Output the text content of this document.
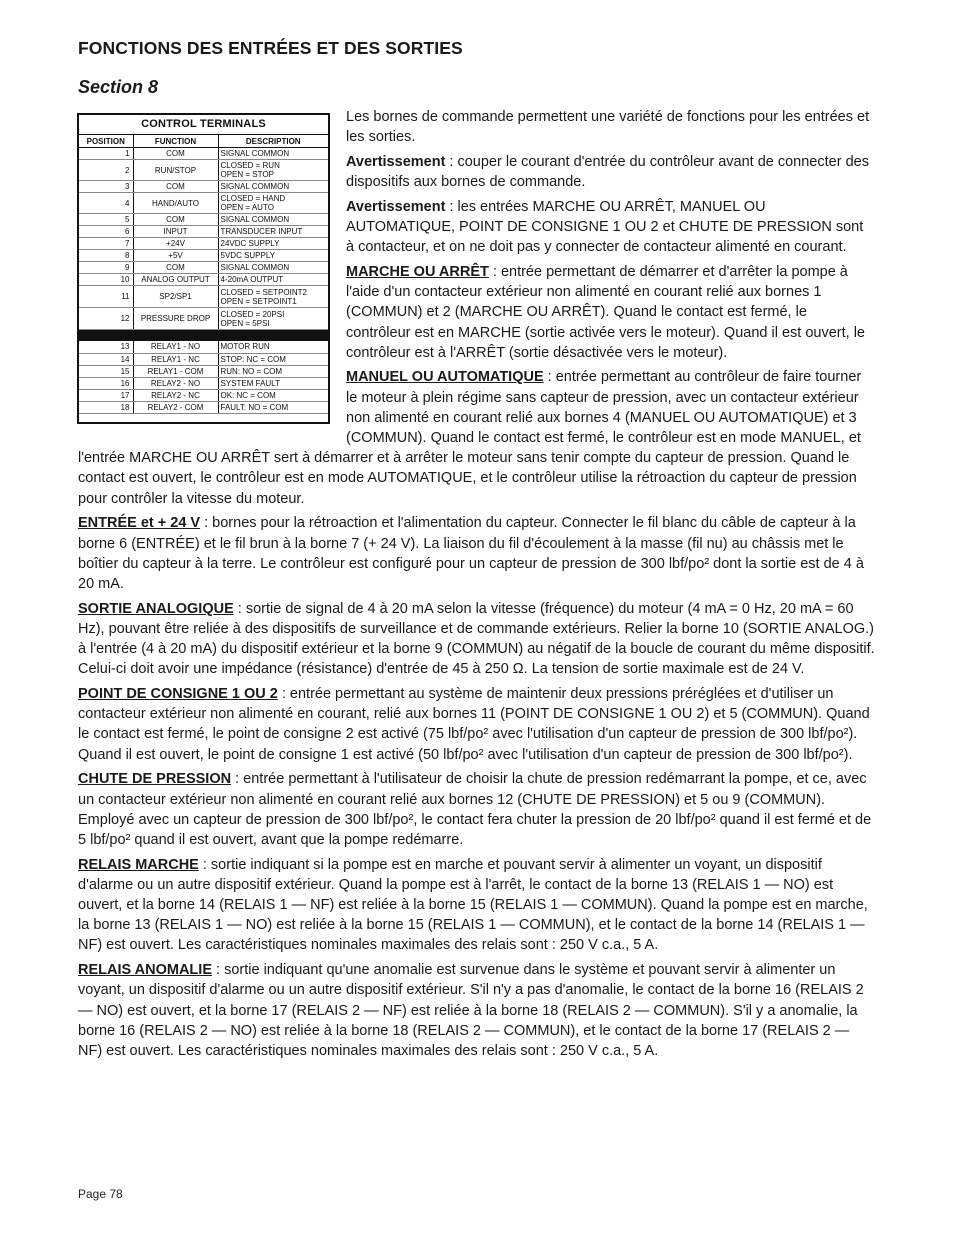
FONCTIONS DES ENTRÉES ET DES SORTIES
Section 8
CONTROL TERMINALS
POSITION	FUNCTION	DESCRIPTION
1	COM	SIGNAL COMMON
2	RUN/STOP	CLOSED = RUN
OPEN = STOP
3	COM	SIGNAL COMMON
4	HAND/AUTO	CLOSED = HAND
OPEN = AUTO
5	COM	SIGNAL COMMON
6	INPUT	TRANSDUCER INPUT
7	+24V	24VDC SUPPLY
8	+5V	5VDC SUPPLY
9	COM	SIGNAL COMMON
10	ANALOG OUTPUT	4-20mA OUTPUT
11	SP2/SP1	CLOSED = SETPOINT2
OPEN = SETPOINT1
12	PRESSURE DROP	CLOSED = 20PSI
OPEN = 5PSI

13	RELAY1 - NO	MOTOR RUN
14	RELAY1 - NC	STOP: NC = COM
15	RELAY1 - COM	RUN: NO = COM
16	RELAY2 - NO	SYSTEM FAULT
17	RELAY2 - NC	OK: NC = COM
18	RELAY2 - COM	FAULT: NO = COM

Les bornes de commande permettent une variété de fonctions pour les entrées et les sorties.

Avertissement : couper le courant d'entrée du contrôleur avant de connecter des dispositifs aux bornes de commande.

Avertissement : les entrées MARCHE OU ARRÊT, MANUEL OU AUTOMATIQUE, POINT DE CONSIGNE 1 OU 2 et CHUTE DE PRESSION sont à contacteur, et on ne doit pas y connecter de contacteur alimenté en courant.

MARCHE OU ARRÊT : entrée permettant de démarrer et d'arrêter la pompe à l'aide d'un contacteur extérieur non alimenté en courant relié aux bornes 1 (COMMUN) et 2 (MARCHE OU ARRÊT). Quand le contact est fermé, le contrôleur est en MARCHE (sortie activée vers le moteur). Quand il est ouvert, le contrôleur est à l'ARRÊT (sortie désactivée vers le moteur).

MANUEL OU AUTOMATIQUE : entrée permettant au contrôleur de faire tourner le moteur à plein régime sans capteur de pression, avec un contacteur extérieur non alimenté en courant relié aux bornes 4 (MANUEL OU AUTOMATIQUE) et 3 (COMMUN). Quand le contact est fermé, le contrôleur est en mode MANUEL, et l'entrée MARCHE OU ARRÊT sert à démarrer et à arrêter le moteur sans tenir compte du capteur de pression. Quand le contact est ouvert, le contrôleur est en mode AUTOMATIQUE, et le contrôleur utilise la rétroaction du capteur de pression pour contrôler la vitesse du moteur.

ENTRÉE et + 24 V : bornes pour la rétroaction et l'alimentation du capteur. Connecter le fil blanc du câble de capteur à la borne 6 (ENTRÉE) et le fil brun à la borne 7 (+ 24 V). La liaison du fil d'écoulement à la masse (fil nu) au châssis met le boîtier du capteur à la terre. Le contrôleur est configuré pour un capteur de pression de 300 lbf/po² dont la sortie est de 4 à 20 mA.

SORTIE ANALOGIQUE : sortie de signal de 4 à 20 mA selon la vitesse (fréquence) du moteur (4 mA = 0 Hz, 20 mA = 60 Hz), pouvant être reliée à des dispositifs de surveillance et de commande extérieurs. Relier la borne 10 (SORTIE ANALOG.) à l'entrée (4 à 20 mA) du dispositif extérieur et la borne 9 (COMMUN) au négatif de la boucle de courant du même dispositif. Celui-ci doit avoir une impédance (résistance) d'entrée de 45 à 250 Ω. La tension de sortie maximale est de 24 V.

POINT DE CONSIGNE 1 OU 2 : entrée permettant au système de maintenir deux pressions préréglées et d'utiliser un contacteur extérieur non alimenté en courant, relié aux bornes 11 (POINT DE CONSIGNE 1 OU 2) et 5 (COMMUN). Quand le contact est fermé, le point de consigne 2 est activé (75 lbf/po² avec l'utilisation d'un capteur de pression de 300 lbf/po²). Quand il est ouvert, le point de consigne 1 est activé (50 lbf/po² avec l'utilisation d'un capteur de pression de 300 lbf/po²).

CHUTE DE PRESSION : entrée permettant à l'utilisateur de choisir la chute de pression redémarrant la pompe, et ce, avec un contacteur extérieur non alimenté en courant relié aux bornes 12 (CHUTE DE PRESSION) et 5 ou 9 (COMMUN). Employé avec un capteur de pression de 300 lbf/po², le contact fera chuter la pression de 20 lbf/po² quand il est fermé et de 5 lbf/po² quand il est ouvert, avant que la pompe redémarre.

RELAIS MARCHE : sortie indiquant si la pompe est en marche et pouvant servir à alimenter un voyant, un dispositif d'alarme ou un autre dispositif extérieur. Quand la pompe est à l'arrêt, le contact de la borne 13 (RELAIS 1 — NO) est ouvert, et la borne 14 (RELAIS 1 — NF) est reliée à la borne 15 (RELAIS 1 — COMMUN). Quand la pompe est en marche, la borne 13 (RELAIS 1 — NO) est reliée à la borne 15 (RELAIS 1 — COMMUN), et le contact de la borne 14 (RELAIS 1 — NF) est ouvert. Les caractéristiques nominales maximales des relais sont : 250 V c.a., 5 A.

RELAIS ANOMALIE : sortie indiquant qu'une anomalie est survenue dans le système et pouvant servir à alimenter un voyant, un dispositif d'alarme ou un autre dispositif extérieur. S'il n'y a pas d'anomalie, le contact de la borne 16 (RELAIS 2 — NO) est ouvert, et la borne 17 (RELAIS 2 — NF) est reliée à la borne 18 (RELAIS 2 — COMMUN). S'il y a anomalie, la borne 16 (RELAIS 2 — NO) est reliée à la borne 18 (RELAIS 2 — COMMUN), et le contact de la borne 17 (RELAIS 2 — NF) est ouvert. Les caractéristiques nominales maximales des relais sont : 250 V c.a., 5 A.

Page 78
